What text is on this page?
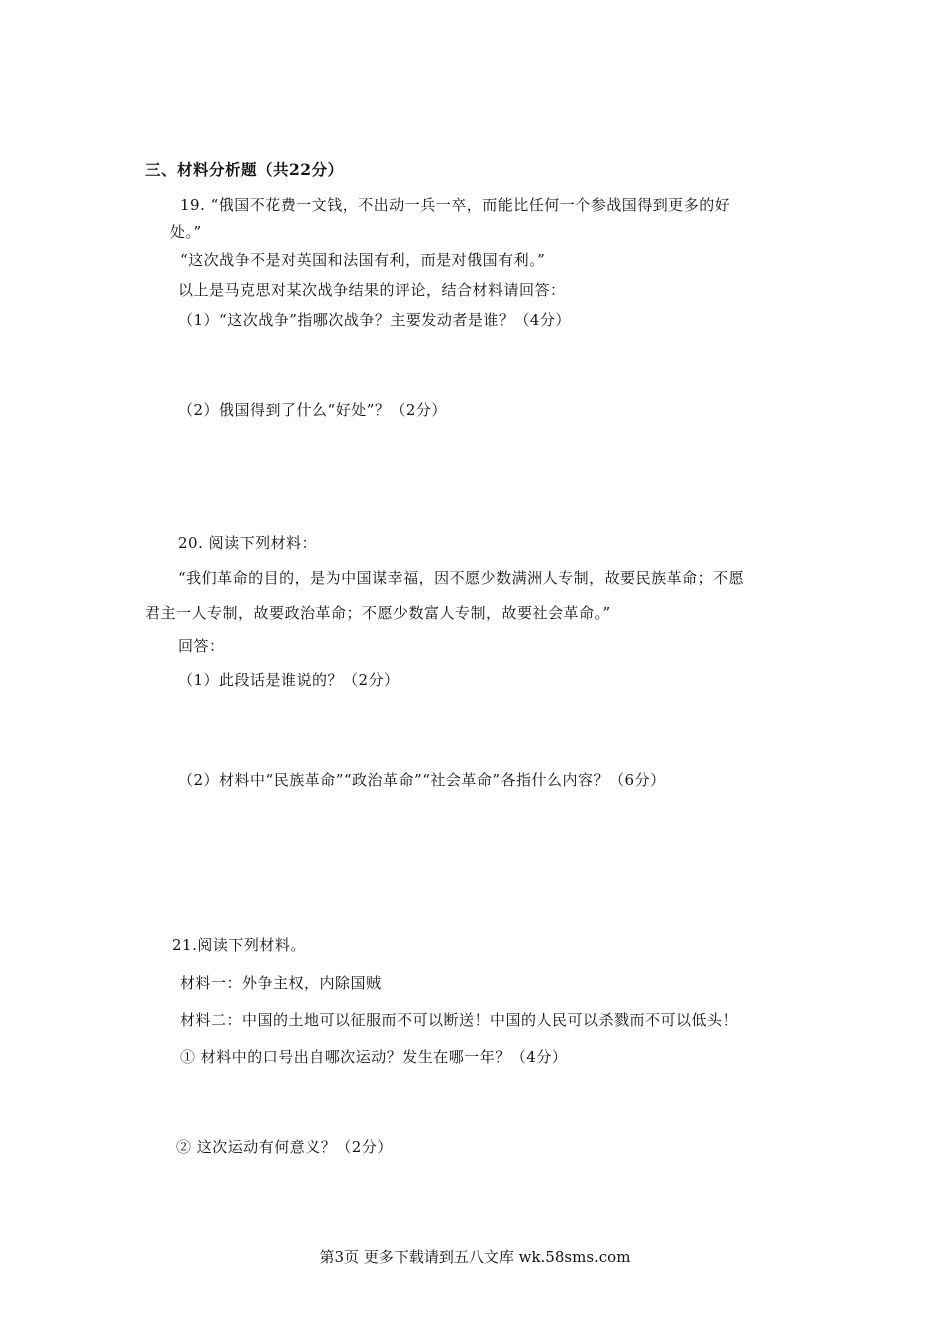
三、材料分析题（共22分）
19. “俄国不花费一文钱，不出动一兵一卒，而能比任何一个参战国得到更多的好
处。”
“这次战争不是对英国和法国有利，而是对俄国有利。”
以上是马克思对某次战争结果的评论，结合材料请回答：
（1）“这次战争”指哪次战争？主要发动者是谁？（4分）
（2）俄国得到了什么“好处”？（2分）
20. 阅读下列材料：
“我们革命的目的，是为中国谋幸福，因不愿少数满洲人专制，故要民族革命；不愿
君主一人专制，故要政治革命；不愿少数富人专制，故要社会革命。”
回答：
（1）此段话是谁说的？（2分）
（2）材料中“民族革命”“政治革命”“社会革命”各指什么内容？（6分）
21.阅读下列材料。
材料一：外争主权，内除国贼
材料二：中国的土地可以征服而不可以断送！中国的人民可以杀戮而不可以低头！
① 材料中的口号出自哪次运动？发生在哪一年？（4分）
② 这次运动有何意义？（2分）
第3页 更多下载请到五八文库 wk.58sms.com
